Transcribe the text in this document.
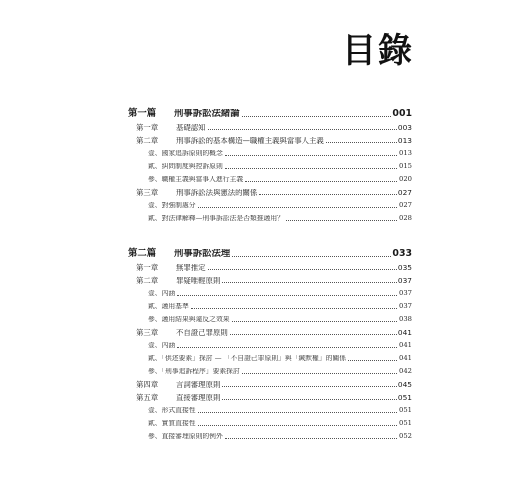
目錄
第一篇	刑事訴訟法緒論	001
第一章	基礎認知	003
第二章	刑事訴訟的基本構造—職權主義與當事人主義	013
壹、國家追訴原則的概念	013
貳、糾問制度與控訴原則	015
參、職權主義與當事人進行主義	020
第三章	刑事訴訟法與憲法的關係	027
壹、對強制處分	027
貳、對法律解釋—刑事訴訟法是否類推適用？	028
第二篇	刑事訴訟法理	033
第一章	無罪推定	035
第二章	罪疑唯輕原則	037
壹、內涵	037
貳、適用基準	037
參、適用結果與違反之效果	038
第三章	不自證己罪原則	041
壹、內涵	041
貳、「供述要素」探討 — 「不自證己罪原則」與「緘默權」的關係	041
參、「刑事追訴程序」要素探討	042
第四章	言詞審理原則	045
第五章	直接審理原則	051
壹、形式直接性	051
貳、實質直接性	051
參、直接審理原則的例外	052
